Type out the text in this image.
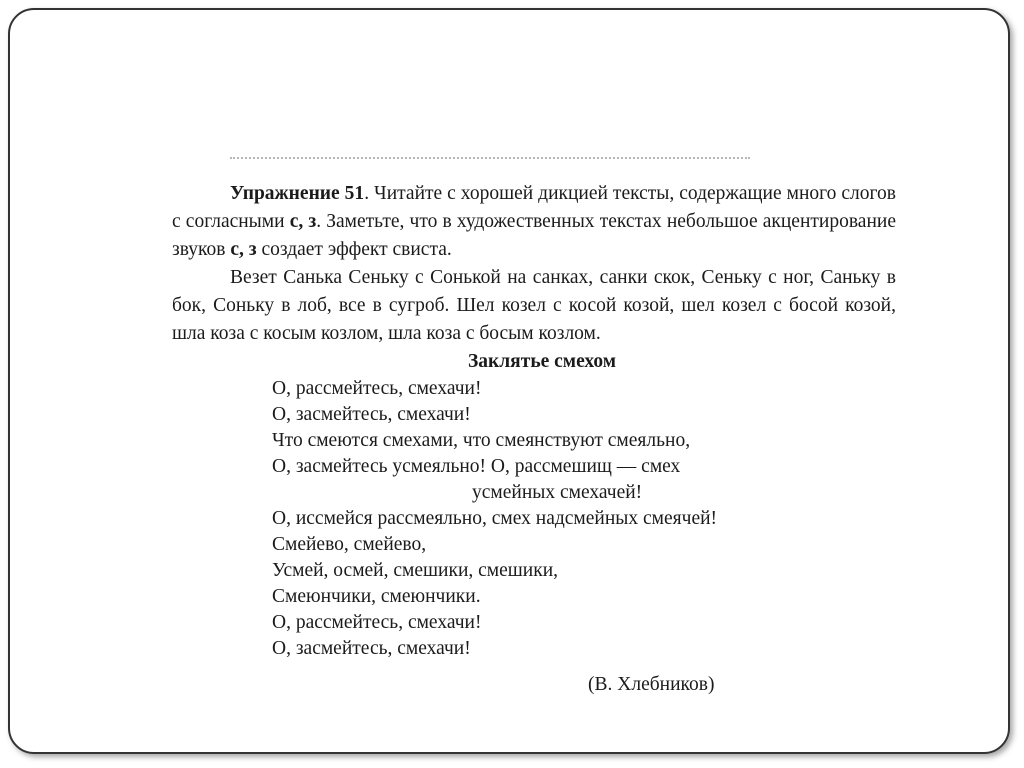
Упражнение 51. Читайте с хорошей дикцией тексты, содержащие много слогов с согласными с, з. Заметьте, что в художественных текстах небольшое акцентирование звуков с, з создает эффект свиста.

Везет Санька Сеньку с Сонькой на санках, санки скок, Сеньку с ног, Саньку в бок, Соньку в лоб, все в сугроб. Шел козел с косой козой, шел козел с босой козой, шла коза с косым козлом, шла коза с босым козлом.

Заклятье смехом

О, рассмейтесь, смехачи!
О, засмейтесь, смехачи!
Что смеются смехами, что смеянствуют смеяльно,
О, засмейтесь усмеяльно! О, рассмешищ — смех
усмейных смехачей!
О, иссмейся рассмеяльно, смех надсмейных смеячей!
Смейево, смейево,
Усмей, осмей, смешики, смешики,
Смеюнчики, смеюнчики.
О, рассмейтесь, смехачи!
О, засмейтесь, смехачи!

(В. Хлебников)
